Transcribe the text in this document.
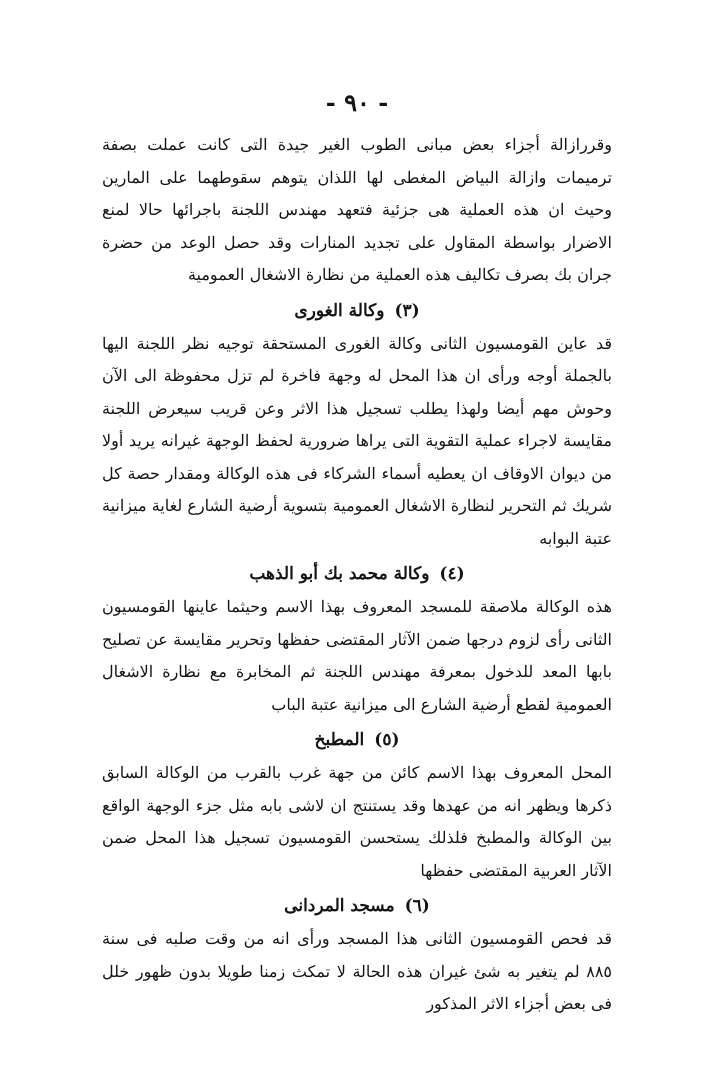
- ٩٠ -

وقررازالة أجزاء بعض مبانى الطوب الغير جيدة التى كانت عملت بصفة ترميمات وازالة البياض المغطى لها اللذان يتوهم سقوطهما على المارين وحيث ان هذه العملية هى جزئية فتعهد مهندس اللجنة باجرائها حالا لمنع الاضرار بواسطة المقاول على تجديد المنارات وقد حصل الوعد من حضرة جران بك بصرف تكاليف هذه العملية من نظارة الاشغال العمومية

(٣)وكالة الغورى

قد عاين القومسيون الثانى وكالة الغورى المستحقة توجيه نظر اللجنة اليها بالجملة أوجه ورأى ان هذا المحل له وجهة فاخرة لم تزل محفوظة الى الآن وحوش مهم أيضا ولهذا يطلب تسجيل هذا الاثر وعن قريب سيعرض اللجنة مقايسة لاجراء عملية التقوية التى يراها ضرورية لحفظ الوجهة غيرانه يريد أولا من ديوان الاوقاف ان يعطيه أسماء الشركاء فى هذه الوكالة ومقدار حصة كل شريك ثم التحرير لنظارة الاشغال العمومية بتسوية أرضية الشارع لغاية ميزانية عتبة البوابه

(٤)وكالة محمد بك أبو الذهب

هذه الوكالة ملاصقة للمسجد المعروف بهذا الاسم وحيثما عاينها القومسيون الثانى رأى لزوم درجها ضمن الآثار المقتضى حفظها وتحرير مقايسة عن تصليح بابها المعد للدخول بمعرفة مهندس اللجنة ثم المخابرة مع نظارة الاشغال العمومية لقطع أرضية الشارع الى ميزانية عتبة الباب

(٥)المطبخ

المحل المعروف بهذا الاسم كائن من جهة غرب بالقرب من الوكالة السابق ذكرها ويظهر انه من عهدها وقد يستنتج ان لاشى بابه مثل جزء الوجهة الواقع بين الوكالة والمطبخ فلذلك يستحسن القومسيون تسجيل هذا المحل ضمن الآثار العربية المقتضى حفظها

(٦)مسجد المردانى

قد فحص القومسيون الثانى هذا المسجد ورأى انه من وقت صلبه فى سنة ٨٨٥ لم يتغير به شئ غيران هذه الحالة لا تمكث زمنا طويلا بدون ظهور خلل فى بعض أجزاء الاثر المذكور
